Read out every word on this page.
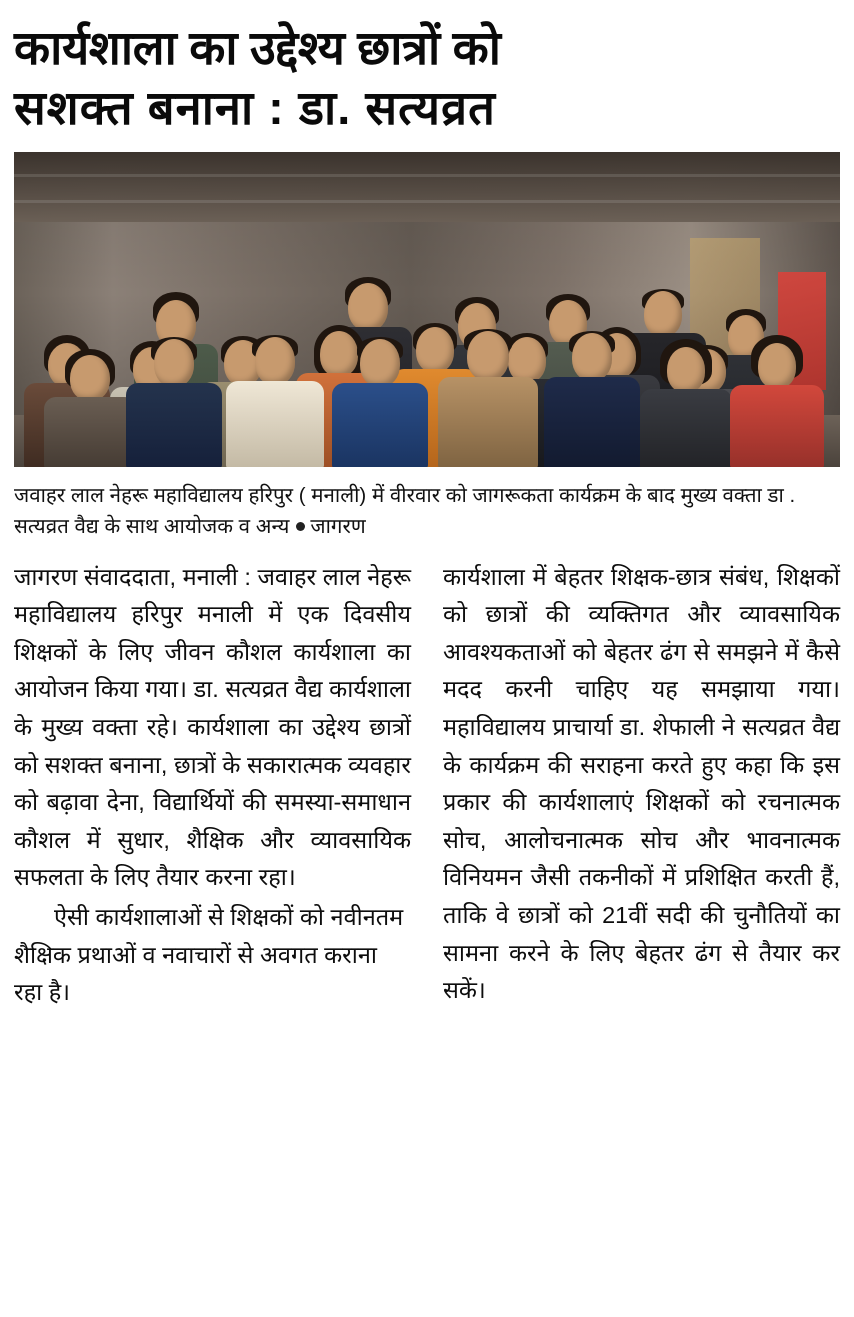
कार्यशाला का उद्देश्य छात्रों को
सशक्त बनाना : डा. सत्यव्रत
जवाहर लाल नेहरू महाविद्यालय हरिपुर ( मनाली) में वीरवार को जागरूकता कार्यक्रम के बाद मुख्य वक्ता डा . सत्यव्रत वैद्य के साथ आयोजक व अन्य जागरण

जागरण संवाददाता, मनाली : जवाहर लाल नेहरू महाविद्यालय हरिपुर मनाली में एक दिवसीय शिक्षकों के लिए जीवन कौशल कार्यशाला का आयोजन किया गया। डा. सत्यव्रत वैद्य कार्यशाला के मुख्य वक्ता रहे। कार्यशाला का उद्देश्य छात्रों को सशक्त बनाना, छात्रों के सकारात्मक व्यवहार को बढ़ावा देना, विद्यार्थियों की समस्या-समाधान कौशल में सुधार, शैक्षिक और व्यावसायिक सफलता के लिए तैयार करना रहा।

ऐसी कार्यशालाओं से शिक्षकों को नवीनतम शैक्षिक प्रथाओं व नवाचारों से अवगत कराना रहा है।

कार्यशाला में बेहतर शिक्षक-छात्र संबंध, शिक्षकों को छात्रों की व्यक्तिगत और व्यावसायिक आवश्यकताओं को बेहतर ढंग से समझने में कैसे मदद करनी चाहिए यह समझाया गया। महाविद्यालय प्राचार्या डा. शेफाली ने सत्यव्रत वैद्य के कार्यक्रम की सराहना करते हुए कहा कि इस प्रकार की कार्यशालाएं शिक्षकों को रचनात्मक सोच, आलोचनात्मक सोच और भावनात्मक विनियमन जैसी तकनीकों में प्रशिक्षित करती हैं, ताकि वे छात्रों को 21वीं सदी की चुनौतियों का सामना करने के लिए बेहतर ढंग से तैयार कर सकें।
